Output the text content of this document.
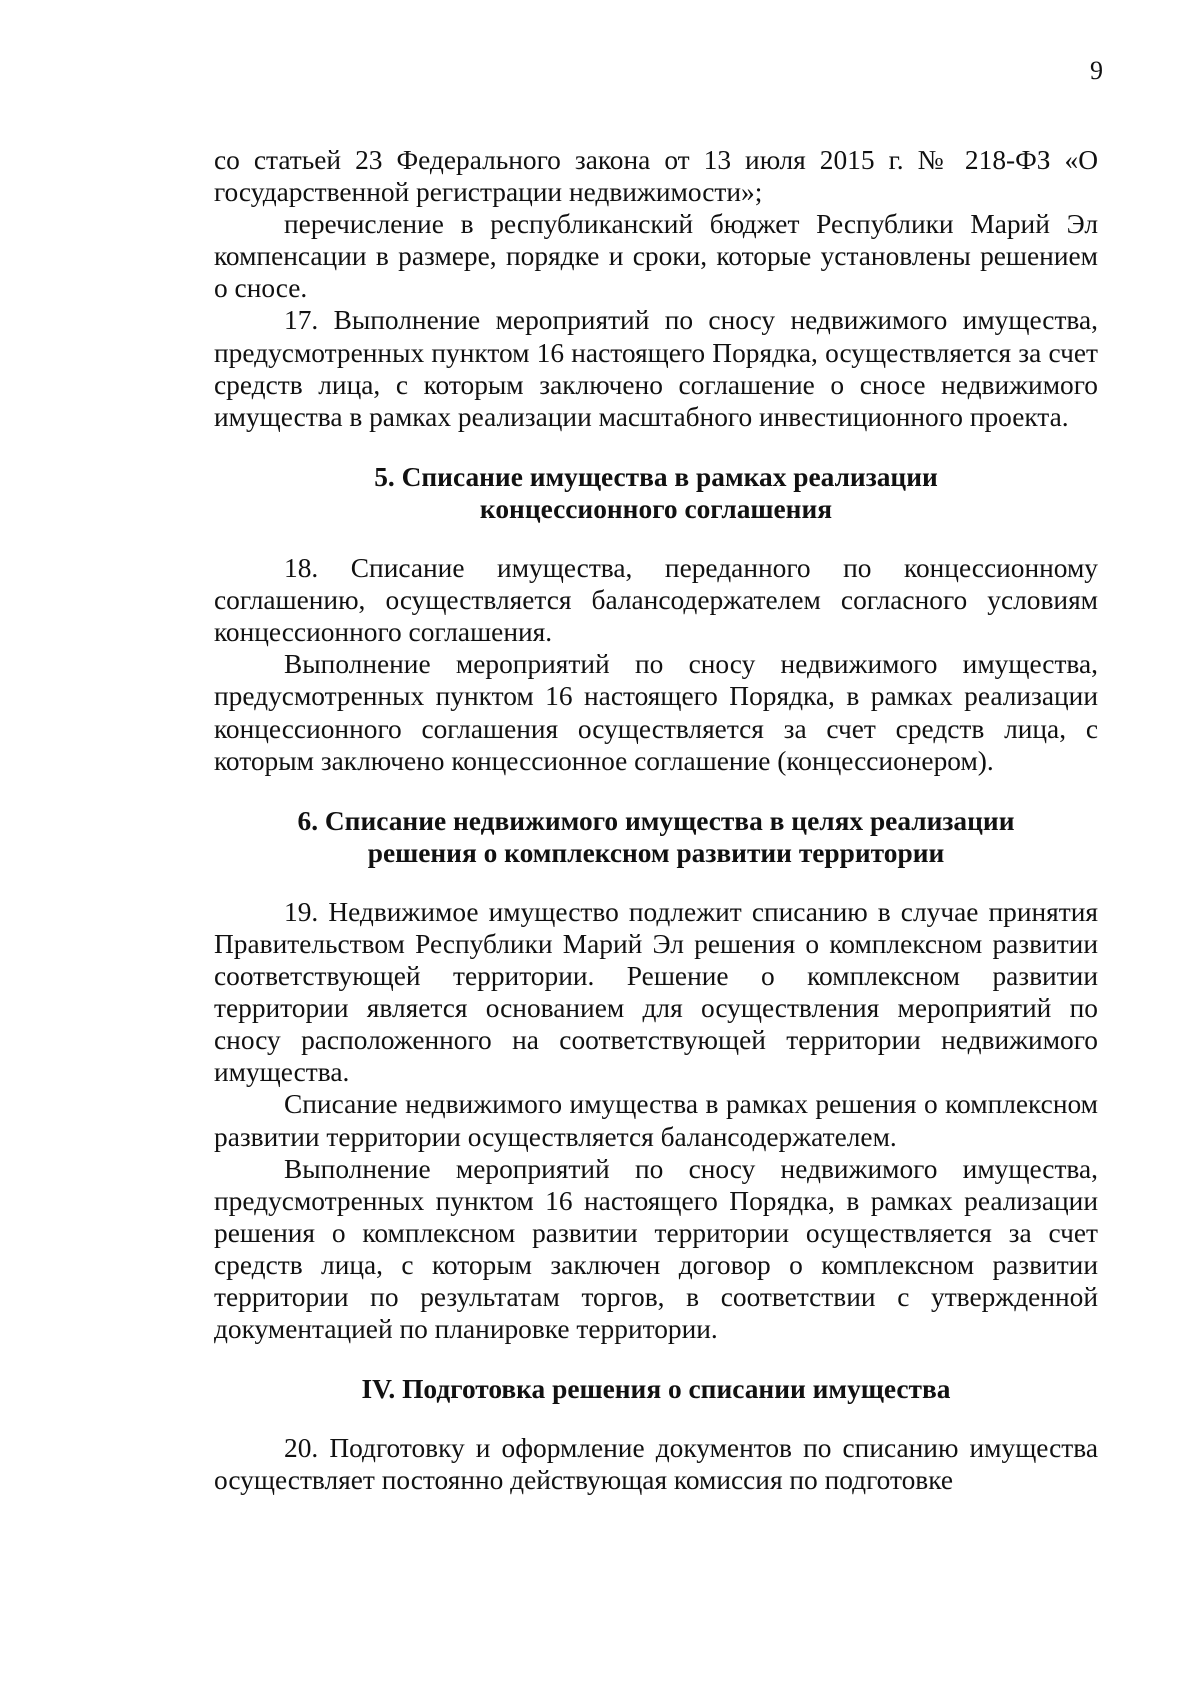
9

со статьей 23 Федерального закона от 13 июля 2015 г. № 218-ФЗ «О государственной регистрации недвижимости»;

перечисление в республиканский бюджет Республики Марий Эл компенсации в размере, порядке и сроки, которые установлены решением о сносе.

17. Выполнение мероприятий по сносу недвижимого имущества, предусмотренных пунктом 16 настоящего Порядка, осуществляется за счет средств лица, с которым заключено соглашение о сносе недвижимого имущества в рамках реализации масштабного инвестиционного проекта.

5. Списание имущества в рамках реализации

концессионного соглашения

18. Списание имущества, переданного по концессионному соглашению, осуществляется балансодержателем согласного условиям концессионного соглашения.

Выполнение мероприятий по сносу недвижимого имущества, предусмотренных пунктом 16 настоящего Порядка, в рамках реализации концессионного соглашения осуществляется за счет средств лица, с которым заключено концессионное соглашение (концессионером).

6. Списание недвижимого имущества в целях реализации

решения о комплексном развитии территории

19. Недвижимое имущество подлежит списанию в случае принятия Правительством Республики Марий Эл решения о комплексном развитии соответствующей территории. Решение о комплексном развитии территории является основанием для осуществления мероприятий по сносу расположенного на соответствующей территории недвижимого имущества.

Списание недвижимого имущества в рамках решения о комплексном развитии территории осуществляется балансодержателем.

Выполнение мероприятий по сносу недвижимого имущества, предусмотренных пунктом 16 настоящего Порядка, в рамках реализации решения о комплексном развитии территории осуществляется за счет средств лица, с которым заключен договор о комплексном развитии территории по результатам торгов, в соответствии с утвержденной документацией по планировке территории.

IV. Подготовка решения о списании имущества

20. Подготовку и оформление документов по списанию имущества осуществляет постоянно действующая комиссия по подготовке
